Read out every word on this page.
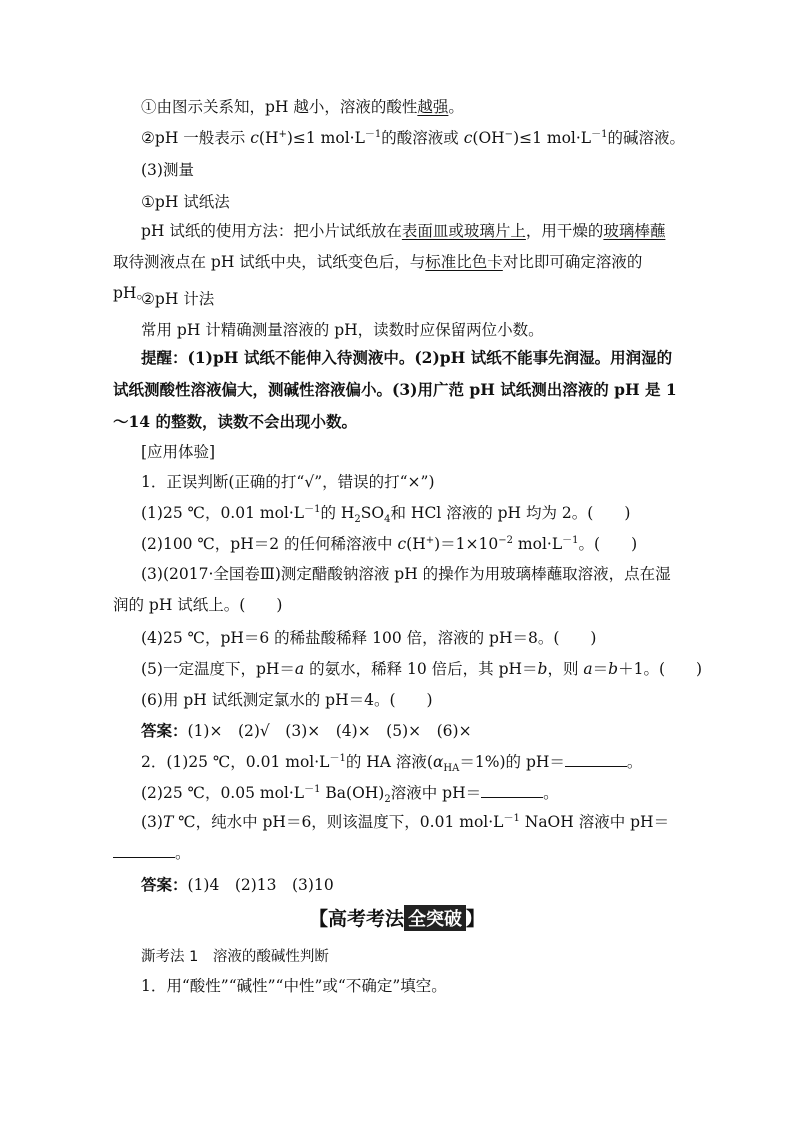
①由图示关系知，pH 越小，溶液的酸性越强。
②pH 一般表示 c(H+)≤1 $mol\cdot L^{-1}$的酸溶液或 c(OH−)≤1 $mol\cdot L^{-1}$的碱溶液。
(3)测量
①pH 试纸法
pH 试纸的使用方法：把小片试纸放在表面皿或玻璃片上，用干燥的玻璃棒蘸
取待测液点在 pH 试纸中央，试纸变色后，与标准比色卡对比即可确定溶液的 pH。
②pH 计法
常用 pH 计精确测量溶液的 pH，读数时应保留两位小数。
提醒：(1)pH 试纸不能伸入待测液中。(2)pH 试纸不能事先润湿。用润湿的试纸测酸性溶液偏大，测碱性溶液偏小。(3)用广范 pH 试纸测出溶液的 pH 是 1～14 的整数，读数不会出现小数。
[应用体验]
1．正误判断(正确的打“√”，错误的打“×”)
(1)25 ℃，0.01 $mol\cdot L^{-1}$的 $H_2SO_4$和 HCl 溶液的 pH 均为 2。(　　)
(2)100 ℃，pH＝2 的任何稀溶液中 $c(H^+)=1\times 10^{-2}$ $mol\cdot L^{-1}$。(　　)
(3)(2017·全国卷Ⅲ)测定醋酸钠溶液 pH 的操作为用玻璃棒蘸取溶液，点在湿润的 pH 试纸上。(　　)
(4)25 ℃，pH＝6 的稀盐酸稀释 100 倍，溶液的 pH＝8。(　　)
(5)一定温度下，pH＝a 的氨水，稀释 10 倍后，其 pH＝b，则 a＝b＋1。(　　)
(6)用 pH 试纸测定氯水的 pH＝4。(　　)
答案：(1)×　(2)√　(3)×　(4)×　(5)×　(6)×
2．(1)25 ℃，0.01 $mol\cdot L^{-1}$的 HA 溶液$(\alpha_{HA}=1\%)$的 pH＝	。
(2)25 ℃，0.05 $mol\cdot L^{-1}$ $Ba(OH)_2$溶液中 pH＝	。
(3)T ℃，纯水中 pH＝6，则该温度下，0.01 $mol\cdot L^{-1}$ NaOH 溶液中 pH＝
。
答案：(1)4　(2)13　(3)10
【高考考法 全突破
QUANTUPO
】
澌考法 1　溶液的酸碱性判断
1．用“酸性”“碱性”“中性”或“不确定”填空。
